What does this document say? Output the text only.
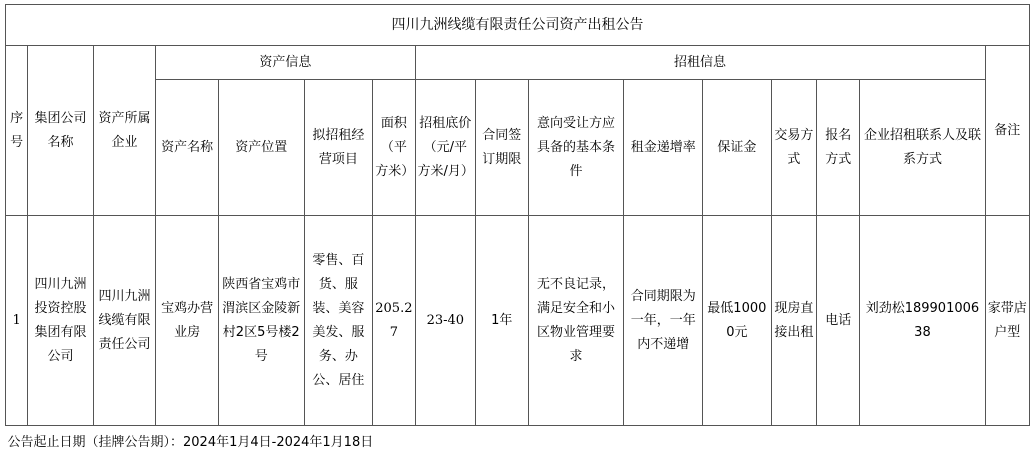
四川九洲线缆有限责任公司资产出租公告															
序号	集团公司名称	资产所属企业	资产信息				招租信息								备注
			资产名称	资产位置	拟招租经营项目	面积（平方米）	招租底价（元/平方米/月）	合同签订期限	意向受让方应具备的基本条件	租金递增率	保证金	交易方式	报名方式	企业招租联系人及联系方式	
1	四川九洲投资控股集团有限公司	四川九洲线缆有限责任公司	宝鸡办营业房	陕西省宝鸡市渭滨区金陵新村2区5号楼2号	零售、百货、服装、美容美发、服务、办公、居住	205.27	23-40	1年	无不良记录，满足安全和小区物业管理要求	合同期限为一年，一年内不递增	最低10000元	现房直接出租	电话	刘劲松18990100638	家带店户型
公告起止日期（挂牌公告期）：2024年1月4日-2024年1月18日															
